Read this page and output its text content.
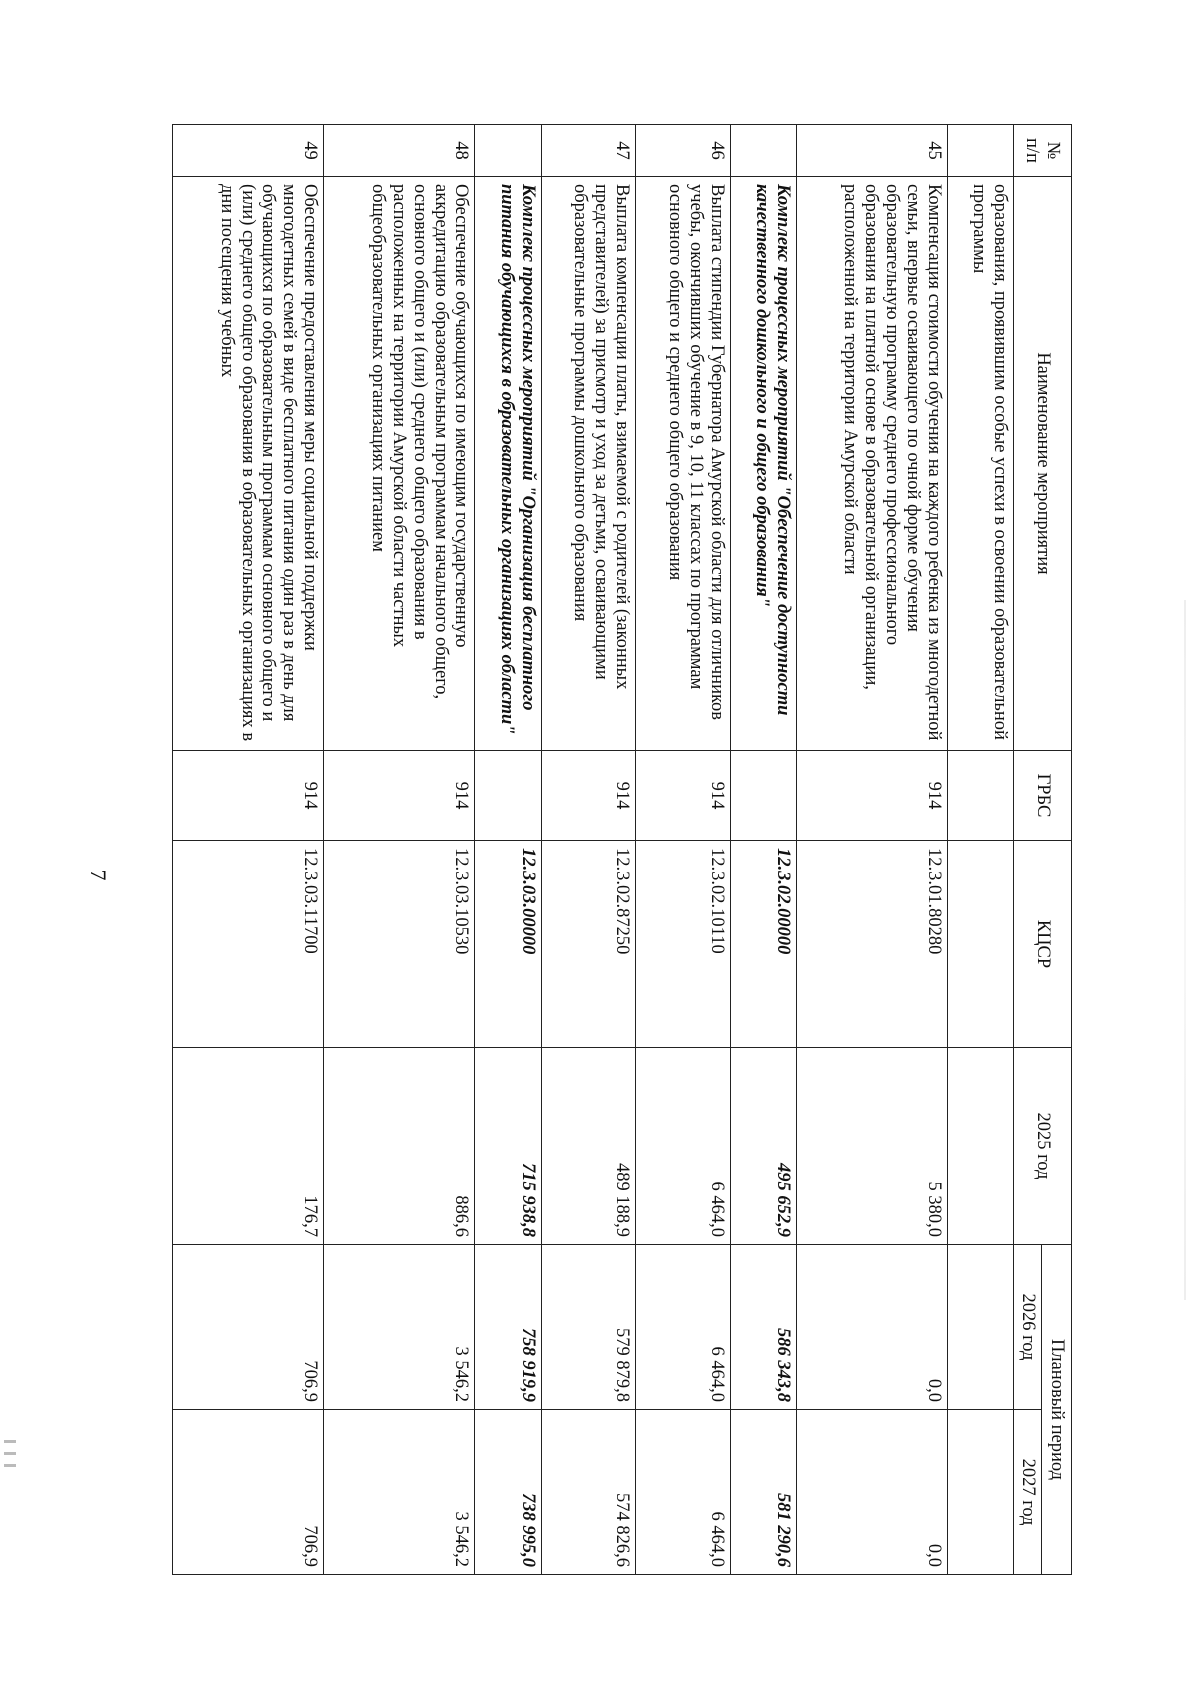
7
№ п/п	Наименование мероприятия	ГРБС	КЦСР	2025 год	Плановый период	
					2026 год	2027 год
	образования, проявившим особые успехи в освоении образовательной программы					
45	Компенсация стоимости обучения на каждого ребенка из многодетной семьи, впервые осваивающего по очной форме обучения образовательную программу среднего профессионального образования на платной основе в образовательной организации, расположенной на территории Амурской области	914	12.3.01.80280	5 380,0	0,0	0,0
	Комплекс процессных мероприятий "Обеспечение доступности качественного дошкольного и общего образования"		12.3.02.00000	495 652,9	586 343,8	581 290,6
46	Выплата стипендии Губернатора Амурской области для отличников учебы, окончивших обучение в 9, 10, 11 классах по программам основного общего и среднего общего образования	914	12.3.02.10110	6 464,0	6 464,0	6 464,0
47	Выплата компенсации платы, взимаемой с родителей (законных представителей) за присмотр и уход за детьми, осваивающими образовательные программы дошкольного образования	914	12.3.02.87250	489 188,9	579 879,8	574 826,6
	Комплекс процессных мероприятий "Организация бесплатного питания обучающихся в образовательных организациях области"		12.3.03.00000	715 938,8	758 919,9	738 995,0
48	Обеспечение обучающихся по имеющим государственную аккредитацию образовательным программам начального общего, основного общего и (или) среднего общего образования в расположенных на территории Амурской области частных общеобразовательных организациях питанием	914	12.3.03.10530	886,6	3 546,2	3 546,2
49	Обеспечение предоставления меры социальной поддержки многодетных семей в виде бесплатного питания один раз в день для обучающихся по образовательным программам основного общего и (или) среднего общего образования в образовательных организациях в дни посещения учебных	914	12.3.03.11700	176,7	706,9	706,9
